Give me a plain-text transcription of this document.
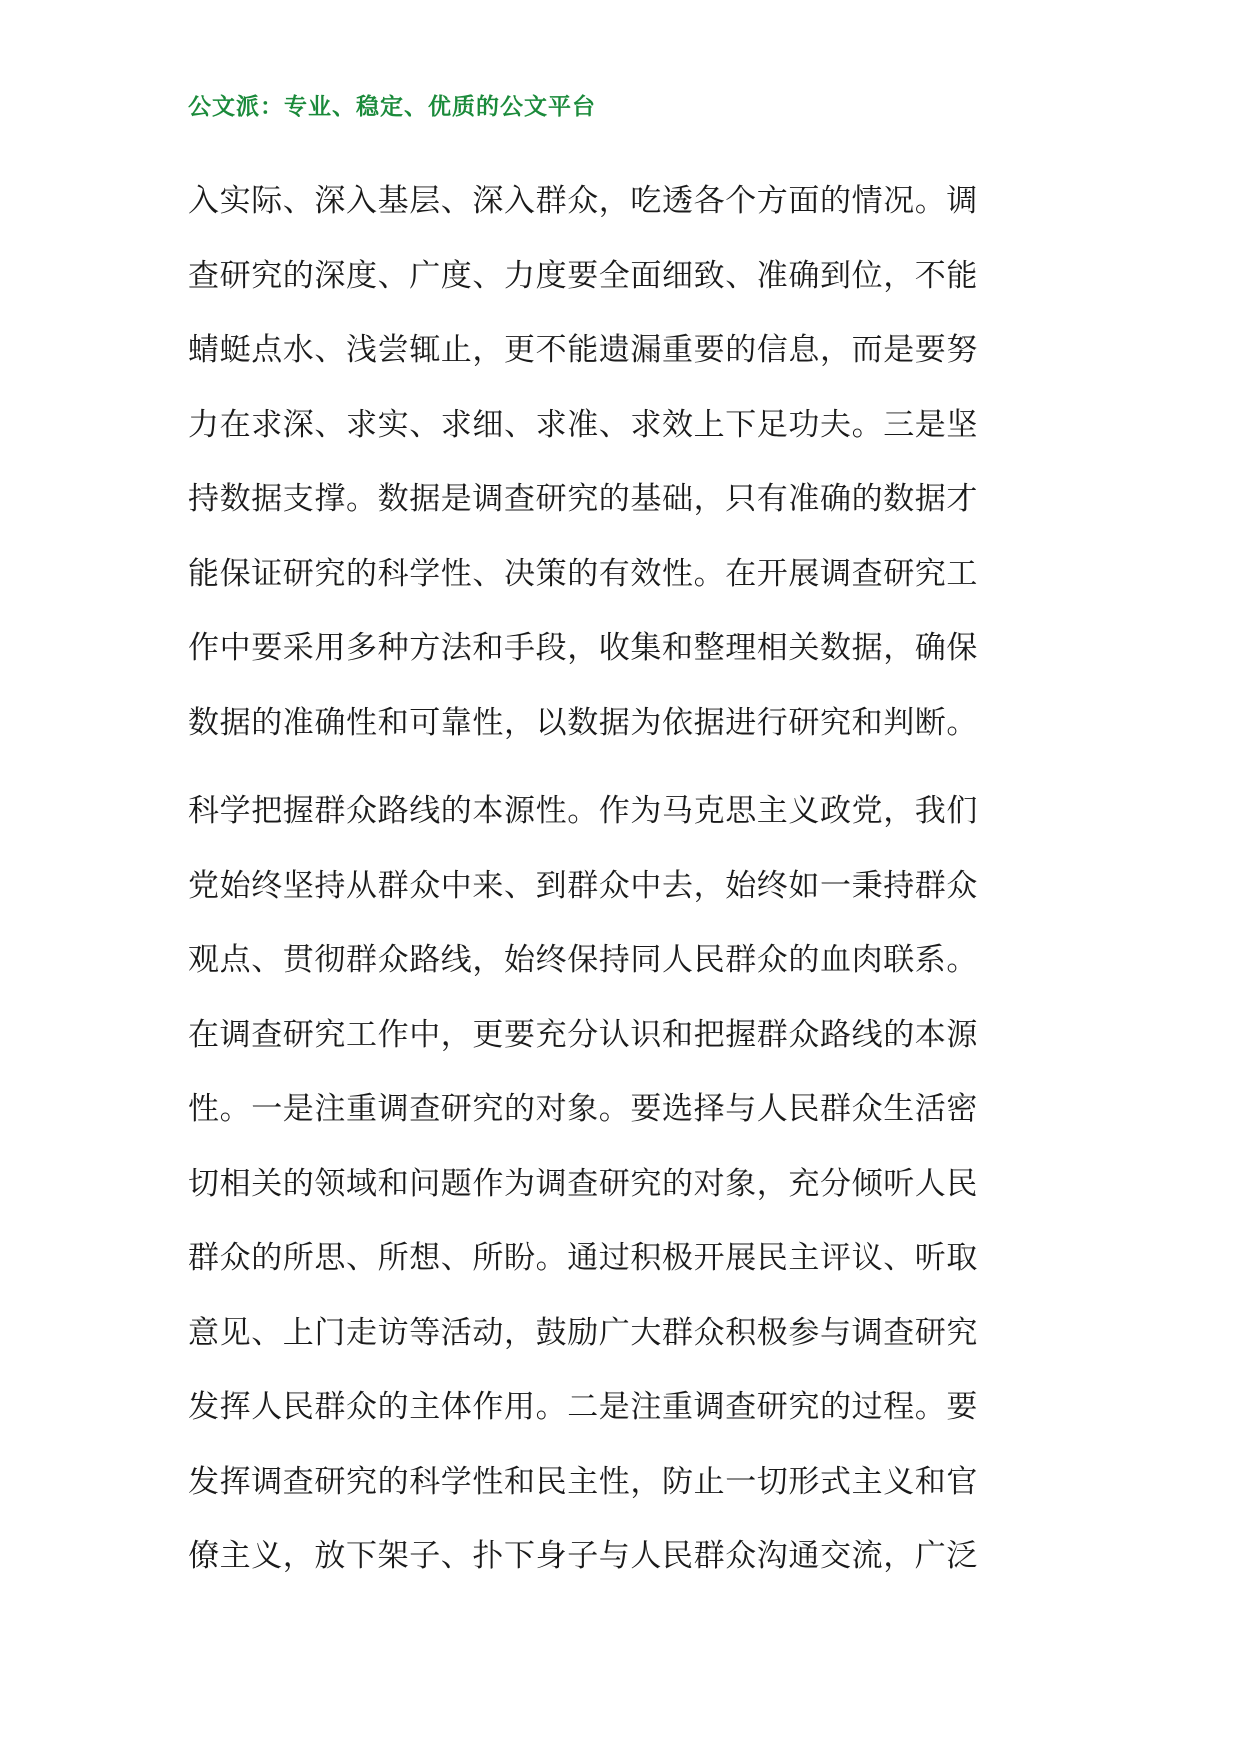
公文派：专业、稳定、优质的公文平台
入实际、深入基层、深入群众，吃透各个方面的情况。调
查研究的深度、广度、力度要全面细致、准确到位，不能
蜻蜓点水、浅尝辄止，更不能遗漏重要的信息，而是要努
力在求深、求实、求细、求准、求效上下足功夫。三是坚
持数据支撑。数据是调查研究的基础，只有准确的数据才
能保证研究的科学性、决策的有效性。在开展调查研究工
作中要采用多种方法和手段，收集和整理相关数据，确保
数据的准确性和可靠性，以数据为依据进行研究和判断。
科学把握群众路线的本源性。作为马克思主义政党，我们
党始终坚持从群众中来、到群众中去，始终如一秉持群众
观点、贯彻群众路线，始终保持同人民群众的血肉联系。
在调查研究工作中，更要充分认识和把握群众路线的本源
性。一是注重调查研究的对象。要选择与人民群众生活密
切相关的领域和问题作为调查研究的对象，充分倾听人民
群众的所思、所想、所盼。通过积极开展民主评议、听取
意见、上门走访等活动，鼓励广大群众积极参与调查研究
发挥人民群众的主体作用。二是注重调查研究的过程。要
发挥调查研究的科学性和民主性，防止一切形式主义和官
僚主义，放下架子、扑下身子与人民群众沟通交流，广泛
